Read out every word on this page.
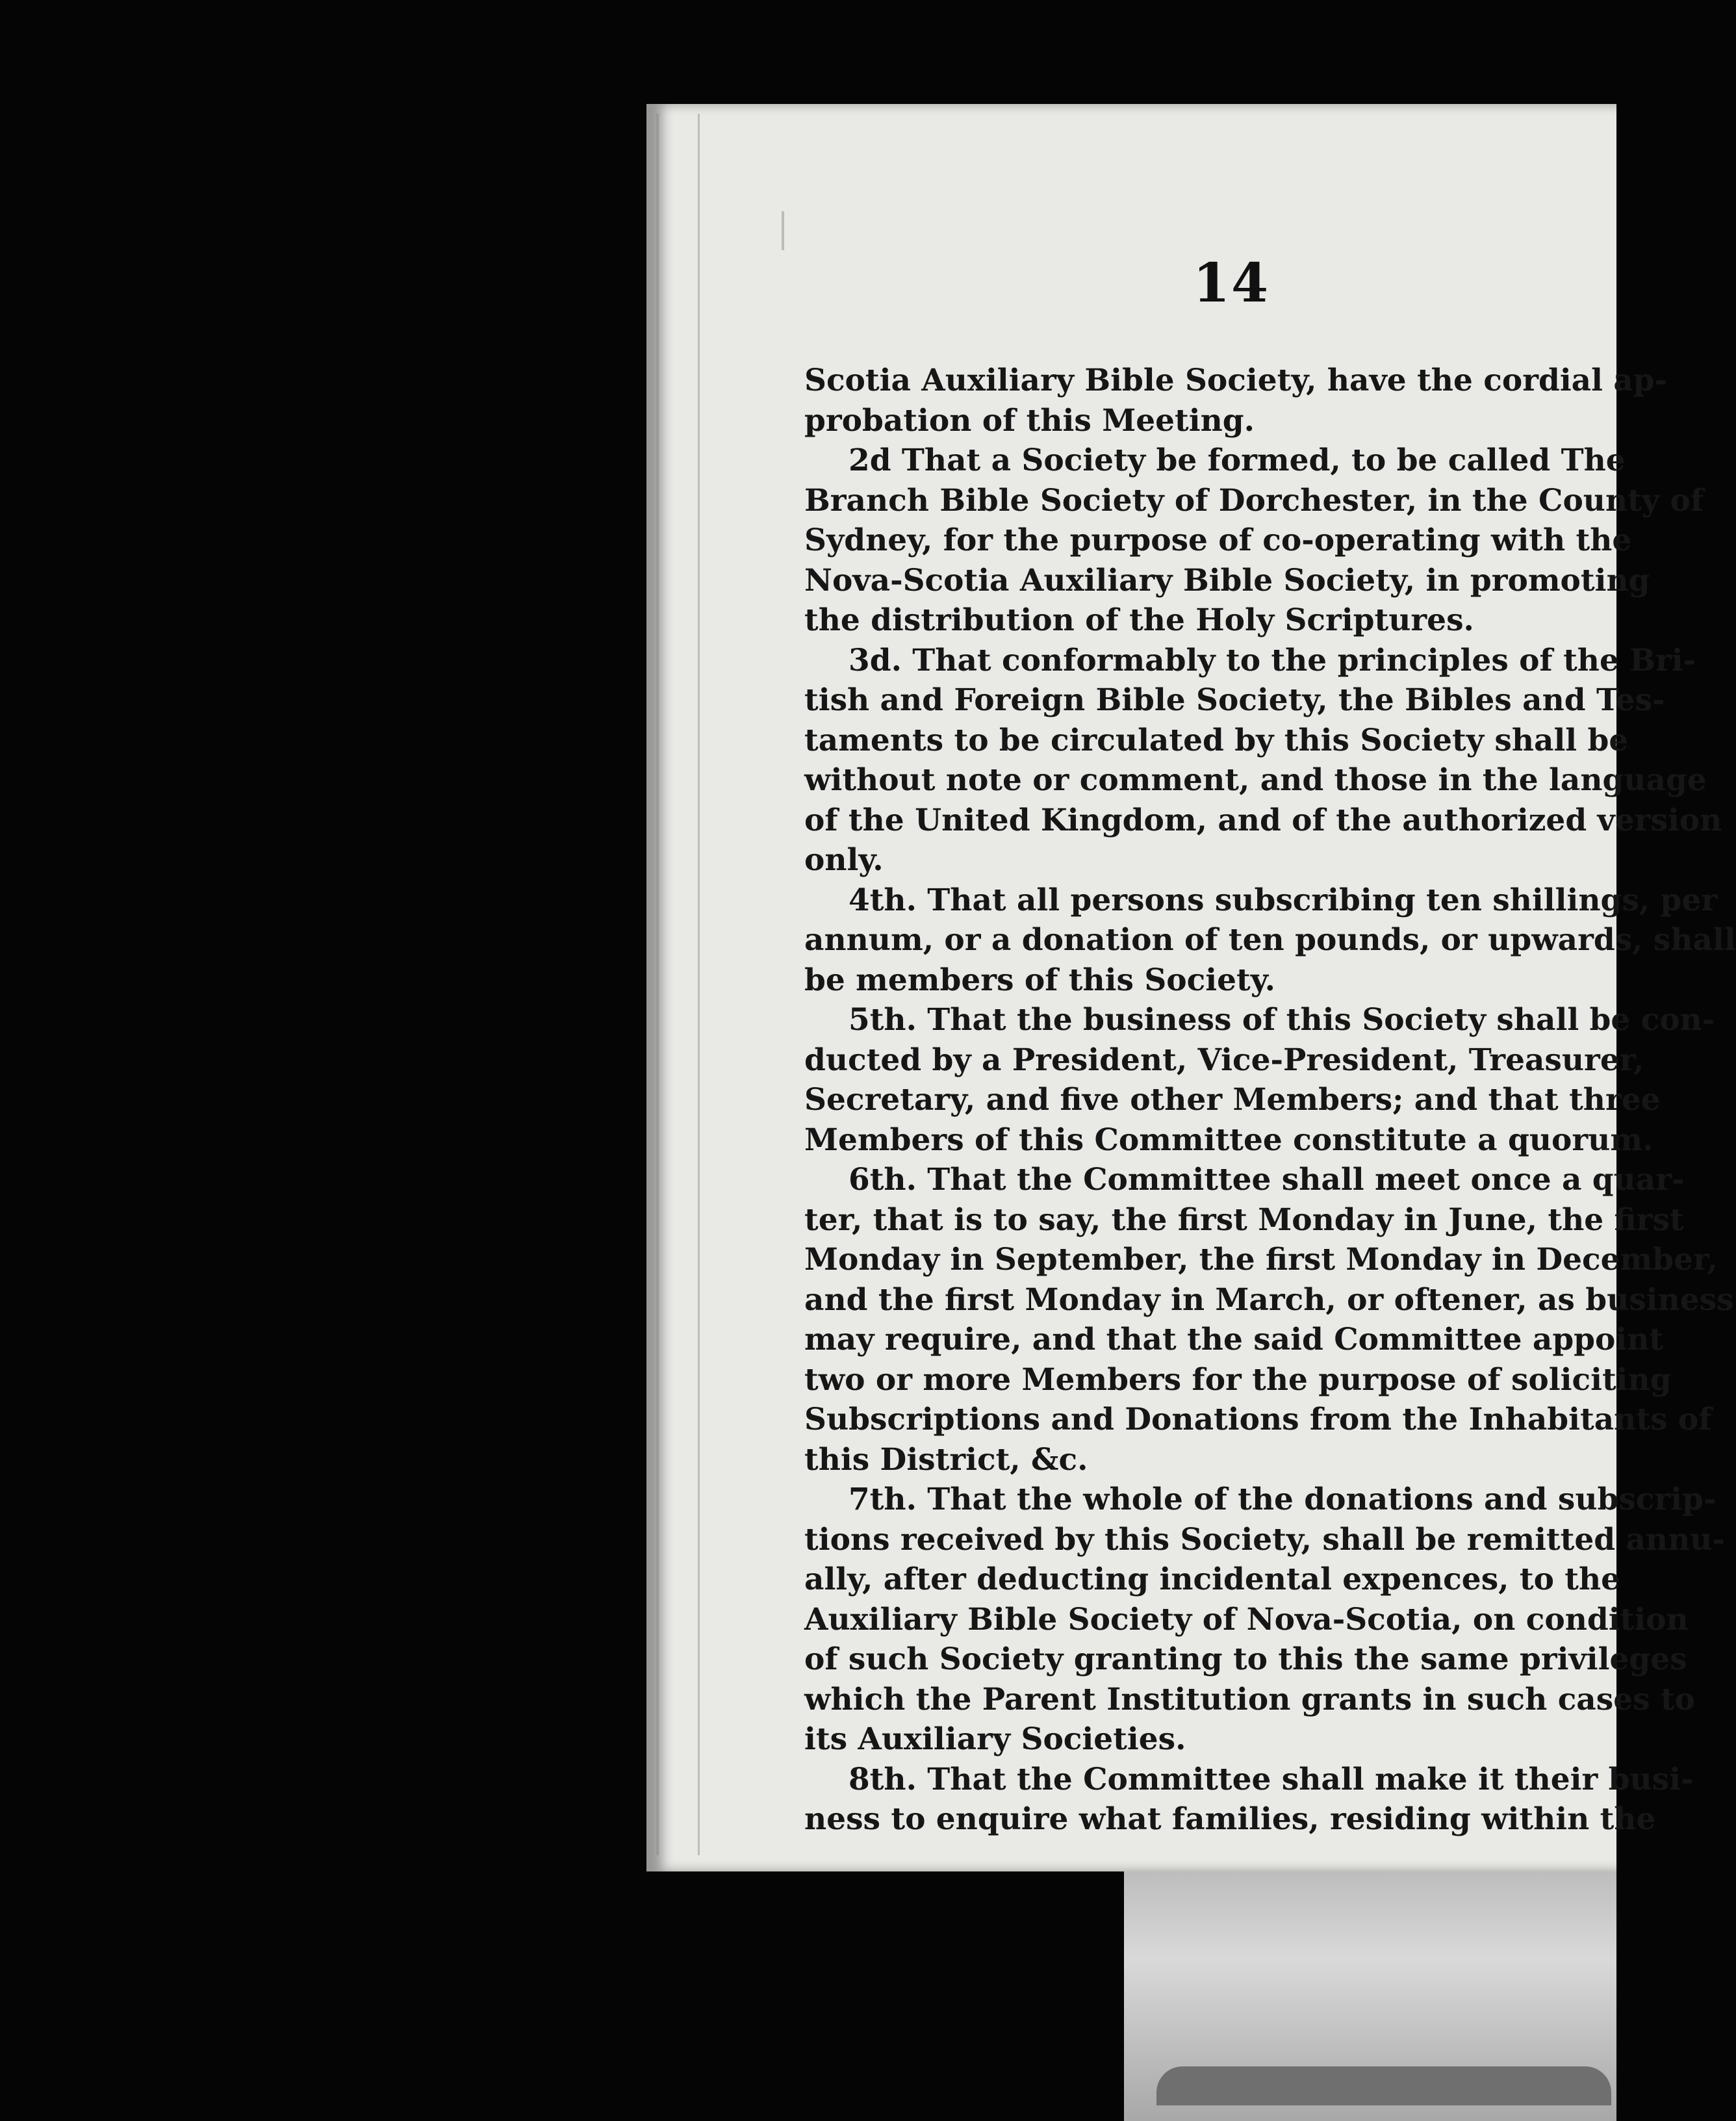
14
Scotia Auxiliary Bible Society, have the cordial ap-
probation of this Meeting.
2d That a Society be formed, to be called The
Branch Bible Society of Dorchester, in the County of
Sydney, for the purpose of co-operating with the
Nova-Scotia Auxiliary Bible Society, in promoting
the distribution of the Holy Scriptures.
3d. That conformably to the principles of the Bri-
tish and Foreign Bible Society, the Bibles and Tes-
taments to be circulated by this Society shall be
without note or comment, and those in the language
of the United Kingdom, and of the authorized version
only.
4th. That all persons subscribing ten shillings, per
annum, or a donation of ten pounds, or upwards, shall
be members of this Society.
5th. That the business of this Society shall be con-
ducted by a President, Vice-President, Treasurer,
Secretary, and five other Members; and that three
Members of this Committee constitute a quorum.
6th. That the Committee shall meet once a quar-
ter, that is to say, the first Monday in June, the first
Monday in September, the first Monday in December,
and the first Monday in March, or oftener, as business
may require, and that the said Committee appoint
two or more Members for the purpose of soliciting
Subscriptions and Donations from the Inhabitants of
this District, &c.
7th. That the whole of the donations and subscrip-
tions received by this Society, shall be remitted annu-
ally, after deducting incidental expences, to the
Auxiliary Bible Society of Nova-Scotia, on condition
of such Society granting to this the same privileges
which the Parent Institution grants in such cases to
its Auxiliary Societies.
8th. That the Committee shall make it their busi-
ness to enquire what families, residing within the
